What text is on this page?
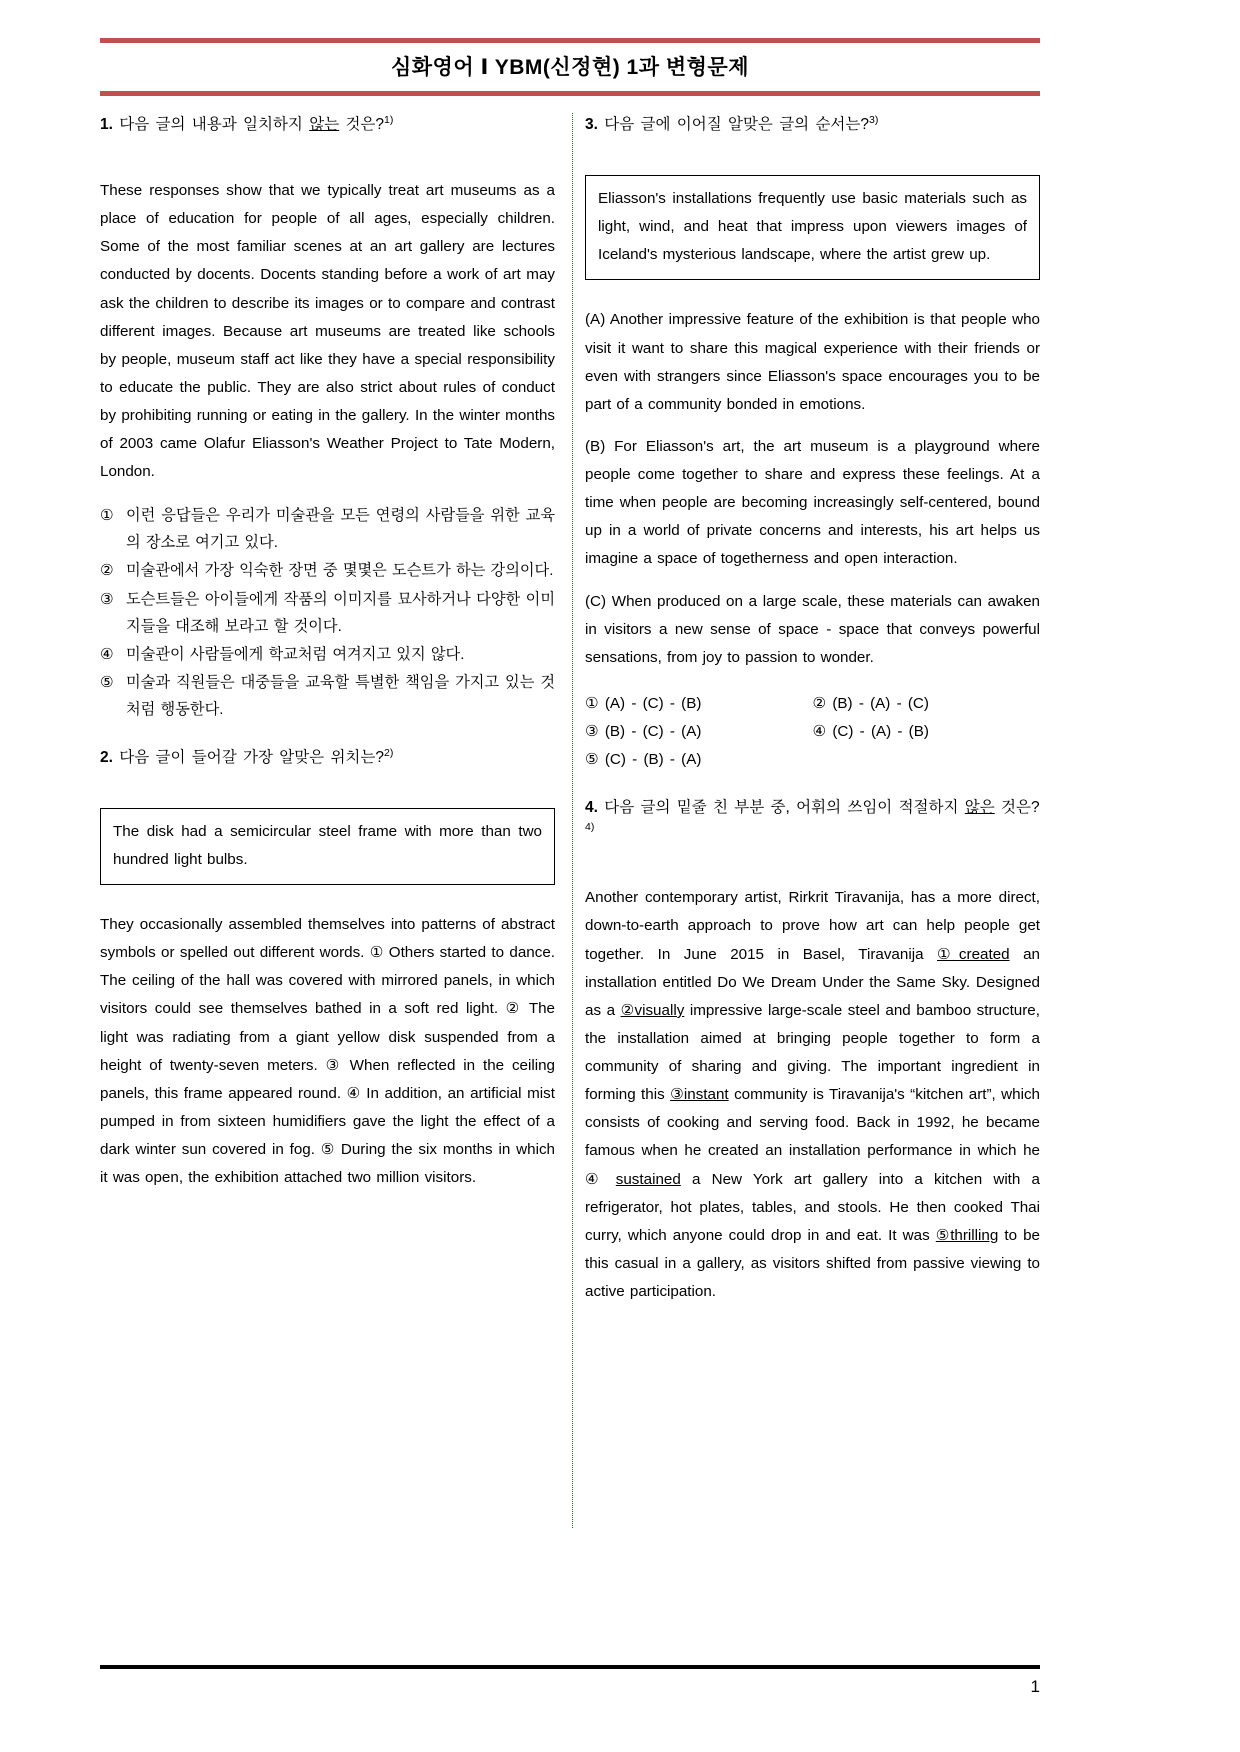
심화영어 Ⅰ YBM(신정현) 1과 변형문제
1. 다음 글의 내용과 일치하지 않는 것은?$^{1)}$

These responses show that we typically treat art museums as a place of education for people of all ages, especially children. Some of the most familiar scenes at an art gallery are lectures conducted by docents. Docents standing before a work of art may ask the children to describe its images or to compare and contrast different images. Because art museums are treated like schools by people, museum staff act like they have a special responsibility to educate the public. They are also strict about rules of conduct by prohibiting running or eating in the gallery. In the winter months of 2003 came Olafur Eliasson's Weather Project to Tate Modern, London.

① 이런 응답들은 우리가 미술관을 모든 연령의 사람들을 위한 교육의 장소로 여기고 있다.
② 미술관에서 가장 익숙한 장면 중 몇몇은 도슨트가 하는 강의이다.
③ 도슨트들은 아이들에게 작품의 이미지를 묘사하거나 다양한 이미지들을 대조해 보라고 할 것이다.
④ 미술관이 사람들에게 학교처럼 여겨지고 있지 않다.
⑤ 미술과 직원들은 대중들을 교육할 특별한 책임을 가지고 있는 것처럼 행동한다.
2. 다음 글이 들어갈 가장 알맞은 위치는?$^{2)}$

The disk had a semicircular steel frame with more than two hundred light bulbs.

They occasionally assembled themselves into patterns of abstract symbols or spelled out different words. ① Others started to dance. The ceiling of the hall was covered with mirrored panels, in which visitors could see themselves bathed in a soft red light. ② The light was radiating from a giant yellow disk suspended from a height of twenty-seven meters. ③ When reflected in the ceiling panels, this frame appeared round. ④ In addition, an artificial mist pumped in from sixteen humidifiers gave the light the effect of a dark winter sun covered in fog. ⑤ During the six months in which it was open, the exhibition attached two million visitors.

3. 다음 글에 이어질 알맞은 글의 순서는?$^{3)}$

Eliasson's installations frequently use basic materials such as light, wind, and heat that impress upon viewers images of Iceland's mysterious landscape, where the artist grew up.

(A) Another impressive feature of the exhibition is that people who visit it want to share this magical experience with their friends or even with strangers since Eliasson's space encourages you to be part of a community bonded in emotions.

(B) For Eliasson's art, the art museum is a playground where people come together to share and express these feelings. At a time when people are becoming increasingly self-centered, bound up in a world of private concerns and interests, his art helps us imagine a space of togetherness and open interaction.

(C) When produced on a large scale, these materials can awaken in visitors a new sense of space - space that conveys powerful sensations, from joy to passion to wonder.

① (A) - (C) - (B)	② (B) - (A) - (C)
③ (B) - (C) - (A)	④ (C) - (A) - (B)
⑤ (C) - (B) - (A)
4. 다음 글의 밑줄 친 부분 중, 어휘의 쓰임이 적절하지 않은 것은?$^{4)}$

Another contemporary artist, Rirkrit Tiravanija, has a more direct, down-to-earth approach to prove how art can help people get together. In June 2015 in Basel, Tiravanija ①created an installation entitled Do We Dream Under the Same Sky. Designed as a ②visually impressive large-scale steel and bamboo structure, the installation aimed at bringing people together to form a community of sharing and giving. The important ingredient in forming this ③instant community is Tiravanija's “kitchen art”, which consists of cooking and serving food. Back in 1992, he became famous when he created an installation performance in which he ④ sustained a New York art gallery into a kitchen with a refrigerator, hot plates, tables, and stools. He then cooked Thai curry, which anyone could drop in and eat. It was ⑤thrilling to be this casual in a gallery, as visitors shifted from passive viewing to active participation.

1
